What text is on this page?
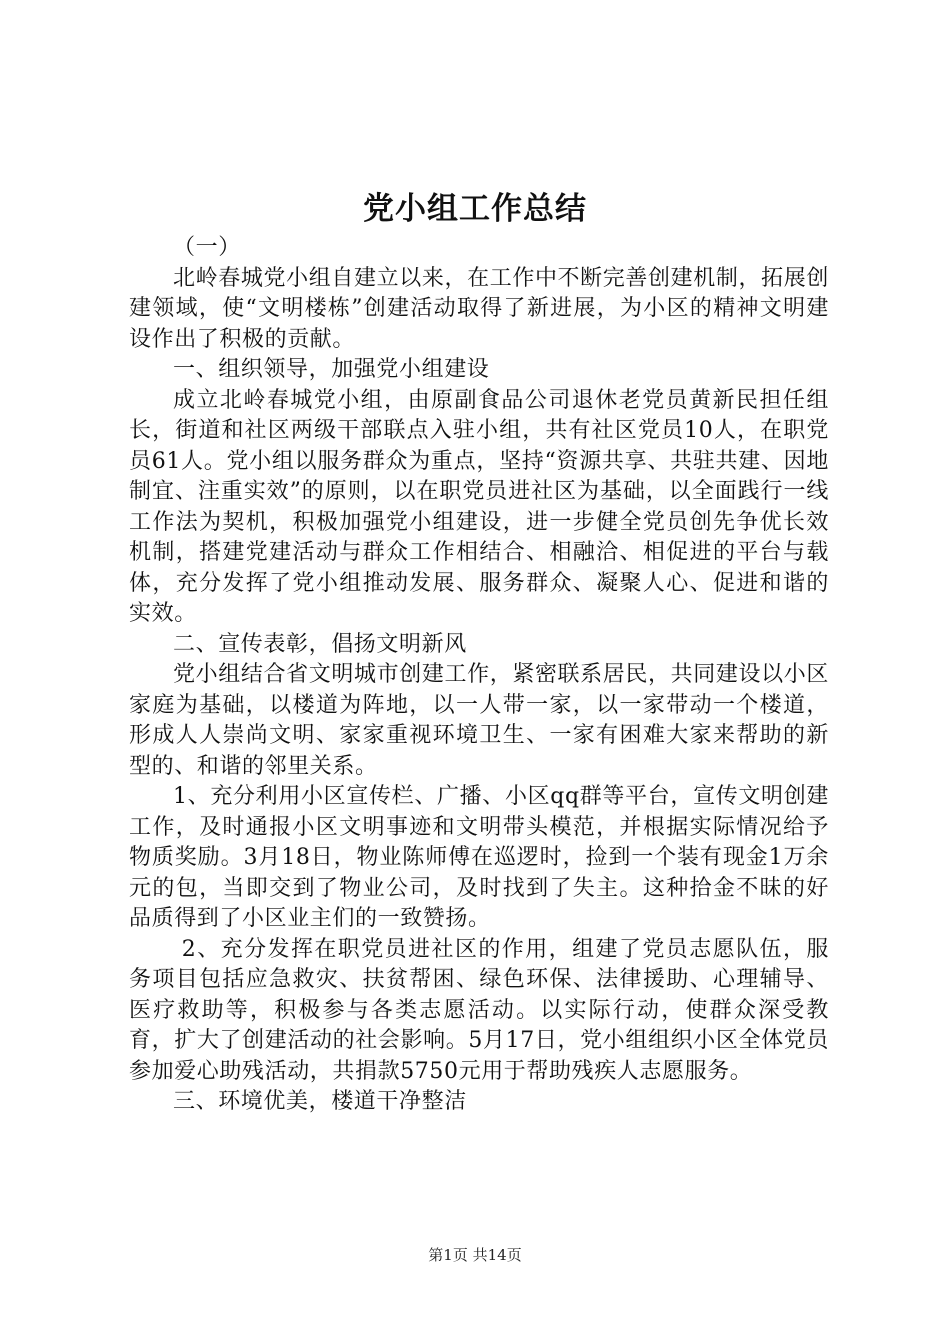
党小组工作总结

（一）

北岭春城党小组自建立以来，在工作中不断完善创建机制，拓展创建领域，使“文明楼栋”创建活动取得了新进展，为小区的精神文明建设作出了积极的贡献。

一、组织领导，加强党小组建设

成立北岭春城党小组，由原副食品公司退休老党员黄新民担任组长，街道和社区两级干部联点入驻小组，共有社区党员10人，在职党员61人。党小组以服务群众为重点，坚持“资源共享、共驻共建、因地制宜、注重实效”的原则，以在职党员进社区为基础，以全面践行一线工作法为契机，积极加强党小组建设，进一步健全党员创先争优长效机制，搭建党建活动与群众工作相结合、相融洽、相促进的平台与载体，充分发挥了党小组推动发展、服务群众、凝聚人心、促进和谐的实效。

二、宣传表彰，倡扬文明新风

党小组结合省文明城市创建工作，紧密联系居民，共同建设以小区家庭为基础，以楼道为阵地，以一人带一家，以一家带动一个楼道，形成人人崇尚文明、家家重视环境卫生、一家有困难大家来帮助的新型的、和谐的邻里关系。

1、充分利用小区宣传栏、广播、小区qq群等平台，宣传文明创建工作，及时通报小区文明事迹和文明带头模范，并根据实际情况给予物质奖励。3月18日，物业陈师傅在巡逻时，捡到一个装有现金1万余元的包，当即交到了物业公司，及时找到了失主。这种拾金不昧的好品质得到了小区业主们的一致赞扬。

2、充分发挥在职党员进社区的作用，组建了党员志愿队伍，服务项目包括应急救灾、扶贫帮困、绿色环保、法律援助、心理辅导、医疗救助等，积极参与各类志愿活动。以实际行动，使群众深受教育，扩大了创建活动的社会影响。5月17日，党小组组织小区全体党员参加爱心助残活动，共捐款5750元用于帮助残疾人志愿服务。

三、环境优美，楼道干净整洁

第1页 共14页
